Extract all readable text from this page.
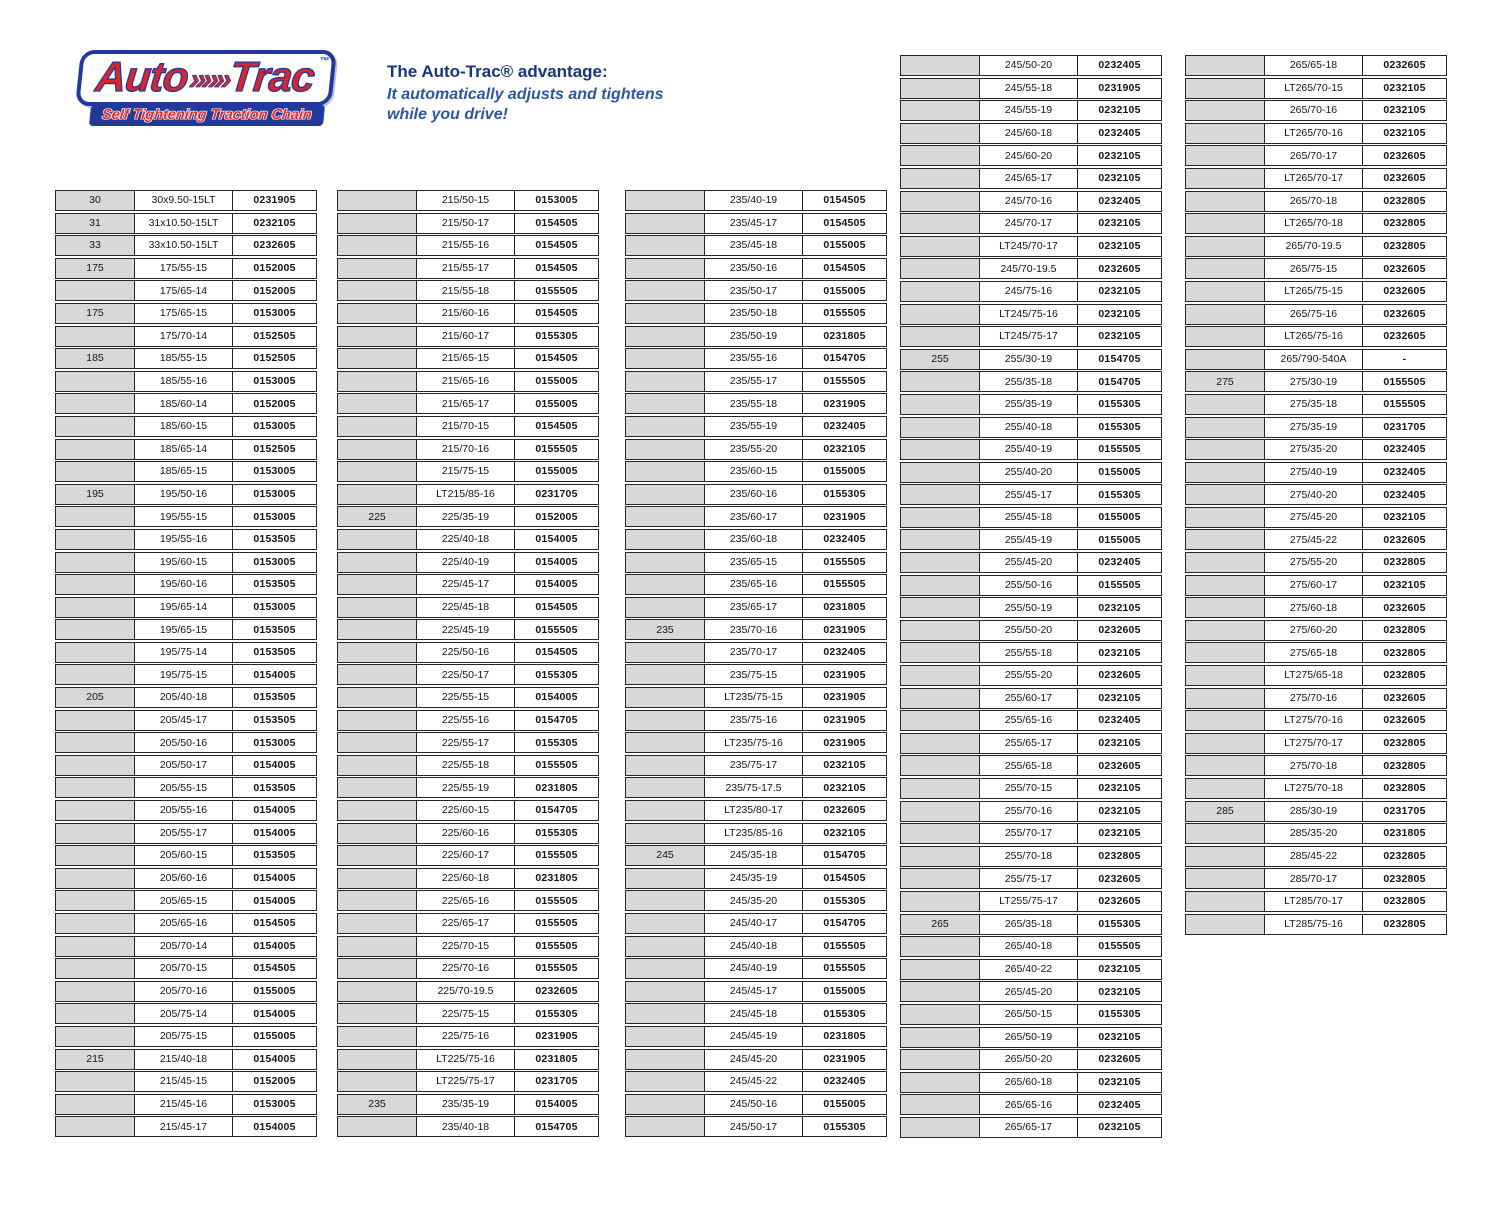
Auto»»»Trac ™

Self Tightening Traction Chain
The Auto-Trac® advantage:
It automatically adjusts and tightens
while you drive!
30	30x9.50-15LT	0231905
31	31x10.50-15LT	0232105
33	33x10.50-15LT	0232605
175	175/55-15	0152005
175/65-14	0152005
175	175/65-15	0153005
175/70-14	0152505
185	185/55-15	0152505
185/55-16	0153005
185/60-14	0152005
185/60-15	0153005
185/65-14	0152505
185/65-15	0153005
195	195/50-16	0153005
195/55-15	0153005
195/55-16	0153505
195/60-15	0153005
195/60-16	0153505
195/65-14	0153005
195/65-15	0153505
195/75-14	0153505
195/75-15	0154005
205	205/40-18	0153505
205/45-17	0153505
205/50-16	0153005
205/50-17	0154005
205/55-15	0153505
205/55-16	0154005
205/55-17	0154005
205/60-15	0153505
205/60-16	0154005
205/65-15	0154005
205/65-16	0154505
205/70-14	0154005
205/70-15	0154505
205/70-16	0155005
205/75-14	0154005
205/75-15	0155005
215	215/40-18	0154005
215/45-15	0152005
215/45-16	0153005
215/45-17	0154005
215/50-15	0153005
215/50-17	0154505
215/55-16	0154505
215/55-17	0154505
215/55-18	0155505
215/60-16	0154505
215/60-17	0155305
215/65-15	0154505
215/65-16	0155005
215/65-17	0155005
215/70-15	0154505
215/70-16	0155505
215/75-15	0155005
LT215/85-16	0231705
225	225/35-19	0152005
225/40-18	0154005
225/40-19	0154005
225/45-17	0154005
225/45-18	0154505
225/45-19	0155505
225/50-16	0154505
225/50-17	0155305
225/55-15	0154005
225/55-16	0154705
225/55-17	0155305
225/55-18	0155505
225/55-19	0231805
225/60-15	0154705
225/60-16	0155305
225/60-17	0155505
225/60-18	0231805
225/65-16	0155505
225/65-17	0155505
225/70-15	0155505
225/70-16	0155505
225/70-19.5	0232605
225/75-15	0155305
225/75-16	0231905
LT225/75-16	0231805
LT225/75-17	0231705
235	235/35-19	0154005
235/40-18	0154705
235/40-19	0154505
235/45-17	0154505
235/45-18	0155005
235/50-16	0154505
235/50-17	0155005
235/50-18	0155505
235/50-19	0231805
235/55-16	0154705
235/55-17	0155505
235/55-18	0231905
235/55-19	0232405
235/55-20	0232105
235/60-15	0155005
235/60-16	0155305
235/60-17	0231905
235/60-18	0232405
235/65-15	0155505
235/65-16	0155505
235/65-17	0231805
235	235/70-16	0231905
235/70-17	0232405
235/75-15	0231905
LT235/75-15	0231905
235/75-16	0231905
LT235/75-16	0231905
235/75-17	0232105
235/75-17.5	0232105
LT235/80-17	0232605
LT235/85-16	0232105
245	245/35-18	0154705
245/35-19	0154505
245/35-20	0155305
245/40-17	0154705
245/40-18	0155505
245/40-19	0155505
245/45-17	0155005
245/45-18	0155305
245/45-19	0231805
245/45-20	0231905
245/45-22	0232405
245/50-16	0155005
245/50-17	0155305
245/50-20	0232405
245/55-18	0231905
245/55-19	0232105
245/60-18	0232405
245/60-20	0232105
245/65-17	0232105
245/70-16	0232405
245/70-17	0232105
LT245/70-17	0232105
245/70-19.5	0232605
245/75-16	0232105
LT245/75-16	0232105
LT245/75-17	0232105
255	255/30-19	0154705
255/35-18	0154705
255/35-19	0155305
255/40-18	0155305
255/40-19	0155505
255/40-20	0155005
255/45-17	0155305
255/45-18	0155005
255/45-19	0155005
255/45-20	0232405
255/50-16	0155505
255/50-19	0232105
255/50-20	0232605
255/55-18	0232105
255/55-20	0232605
255/60-17	0232105
255/65-16	0232405
255/65-17	0232105
255/65-18	0232605
255/70-15	0232105
255/70-16	0232105
255/70-17	0232105
255/70-18	0232805
255/75-17	0232605
LT255/75-17	0232605
265	265/35-18	0155305
265/40-18	0155505
265/40-22	0232105
265/45-20	0232105
265/50-15	0155305
265/50-19	0232105
265/50-20	0232605
265/60-18	0232105
265/65-16	0232405
265/65-17	0232105
265/65-18	0232605
LT265/70-15	0232105
265/70-16	0232105
LT265/70-16	0232105
265/70-17	0232605
LT265/70-17	0232605
265/70-18	0232805
LT265/70-18	0232805
265/70-19.5	0232805
265/75-15	0232605
LT265/75-15	0232605
265/75-16	0232605
LT265/75-16	0232605
265/790-540A	-
275	275/30-19	0155505
275/35-18	0155505
275/35-19	0231705
275/35-20	0232405
275/40-19	0232405
275/40-20	0232405
275/45-20	0232105
275/45-22	0232605
275/55-20	0232805
275/60-17	0232105
275/60-18	0232605
275/60-20	0232805
275/65-18	0232805
LT275/65-18	0232805
275/70-16	0232605
LT275/70-16	0232605
LT275/70-17	0232805
275/70-18	0232805
LT275/70-18	0232805
285	285/30-19	0231705
285/35-20	0231805
285/45-22	0232805
285/70-17	0232805
LT285/70-17	0232805
LT285/75-16	0232805
